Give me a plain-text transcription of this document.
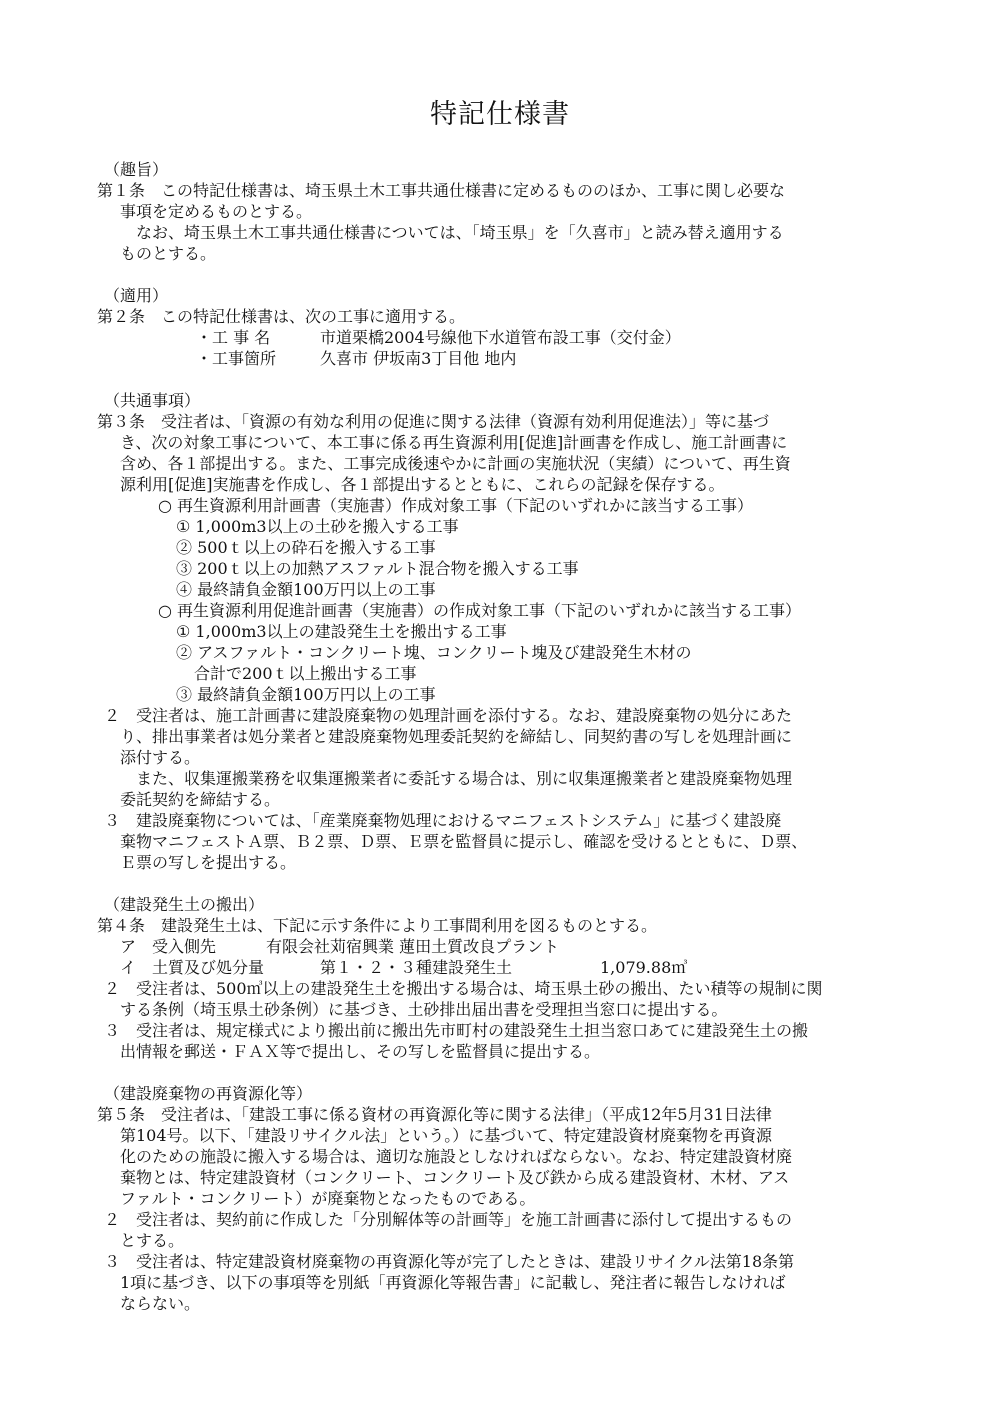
特記仕様書
（趣旨）
第１条　この特記仕様書は、埼玉県土木工事共通仕様書に定めるもののほか、工事に関し必要な
事項を定めるものとする。
　なお、埼玉県土木工事共通仕様書については、「埼玉県」を「久喜市」と読み替え適用する
ものとする。
（適用）
第２条　この特記仕様書は、次の工事に適用する。
・工 事 名	市道栗橋2004号線他下水道管布設工事（交付金）
・工事箇所	久喜市 伊坂南3丁目他 地内
（共通事項）
第３条　受注者は、「資源の有効な利用の促進に関する法律（資源有効利用促進法）」等に基づ
き、次の対象工事について、本工事に係る再生資源利用[促進]計画書を作成し、施工計画書に
含め、各１部提出する。また、工事完成後速やかに計画の実施状況（実績）について、再生資
源利用[促進]実施書を作成し、各１部提出するとともに、これらの記録を保存する。
○ 再生資源利用計画書（実施書）作成対象工事（下記のいずれかに該当する工事）
① 1,000m3以上の土砂を搬入する工事
② 500ｔ以上の砕石を搬入する工事
③ 200ｔ以上の加熱アスファルト混合物を搬入する工事
④ 最終請負金額100万円以上の工事
○ 再生資源利用促進計画書（実施書）の作成対象工事（下記のいずれかに該当する工事）
① 1,000m3以上の建設発生土を搬出する工事
② アスファルト・コンクリート塊、コンクリート塊及び建設発生木材の
合計で200ｔ以上搬出する工事
③ 最終請負金額100万円以上の工事
２　受注者は、施工計画書に建設廃棄物の処理計画を添付する。なお、建設廃棄物の処分にあた
り、排出事業者は処分業者と建設廃棄物処理委託契約を締結し、同契約書の写しを処理計画に
添付する。
　また、収集運搬業務を収集運搬業者に委託する場合は、別に収集運搬業者と建設廃棄物処理
委託契約を締結する。
３　建設廃棄物については、「産業廃棄物処理におけるマニフェストシステム」に基づく建設廃
棄物マニフェストＡ票、Ｂ２票、Ｄ票、Ｅ票を監督員に提示し、確認を受けるとともに、Ｄ票、
Ｅ票の写しを提出する。
（建設発生土の搬出）
第４条　建設発生土は、下記に示す条件により工事間利用を図るものとする。
ア　受入側先	有限会社苅宿興業 蓮田土質改良プラント
イ　土質及び処分量	第１・２・３種建設発生土	1,079.88㎥
２　受注者は、500㎥以上の建設発生土を搬出する場合は、埼玉県土砂の搬出、たい積等の規制に関
する条例（埼玉県土砂条例）に基づき、土砂排出届出書を受理担当窓口に提出する。
３　受注者は、規定様式により搬出前に搬出先市町村の建設発生土担当窓口あてに建設発生土の搬
出情報を郵送・ＦＡＸ等で提出し、その写しを監督員に提出する。
（建設廃棄物の再資源化等）
第５条　受注者は、「建設工事に係る資材の再資源化等に関する法律」（平成12年5月31日法律
第104号。以下、「建設リサイクル法」という。）に基づいて、特定建設資材廃棄物を再資源
化のための施設に搬入する場合は、適切な施設としなければならない。なお、特定建設資材廃
棄物とは、特定建設資材（コンクリート、コンクリート及び鉄から成る建設資材、木材、アス
ファルト・コンクリート）が廃棄物となったものである。
２　受注者は、契約前に作成した「分別解体等の計画等」を施工計画書に添付して提出するもの
とする。
３　受注者は、特定建設資材廃棄物の再資源化等が完了したときは、建設リサイクル法第18条第
1項に基づき、以下の事項等を別紙「再資源化等報告書」に記載し、発注者に報告しなければ
ならない。
